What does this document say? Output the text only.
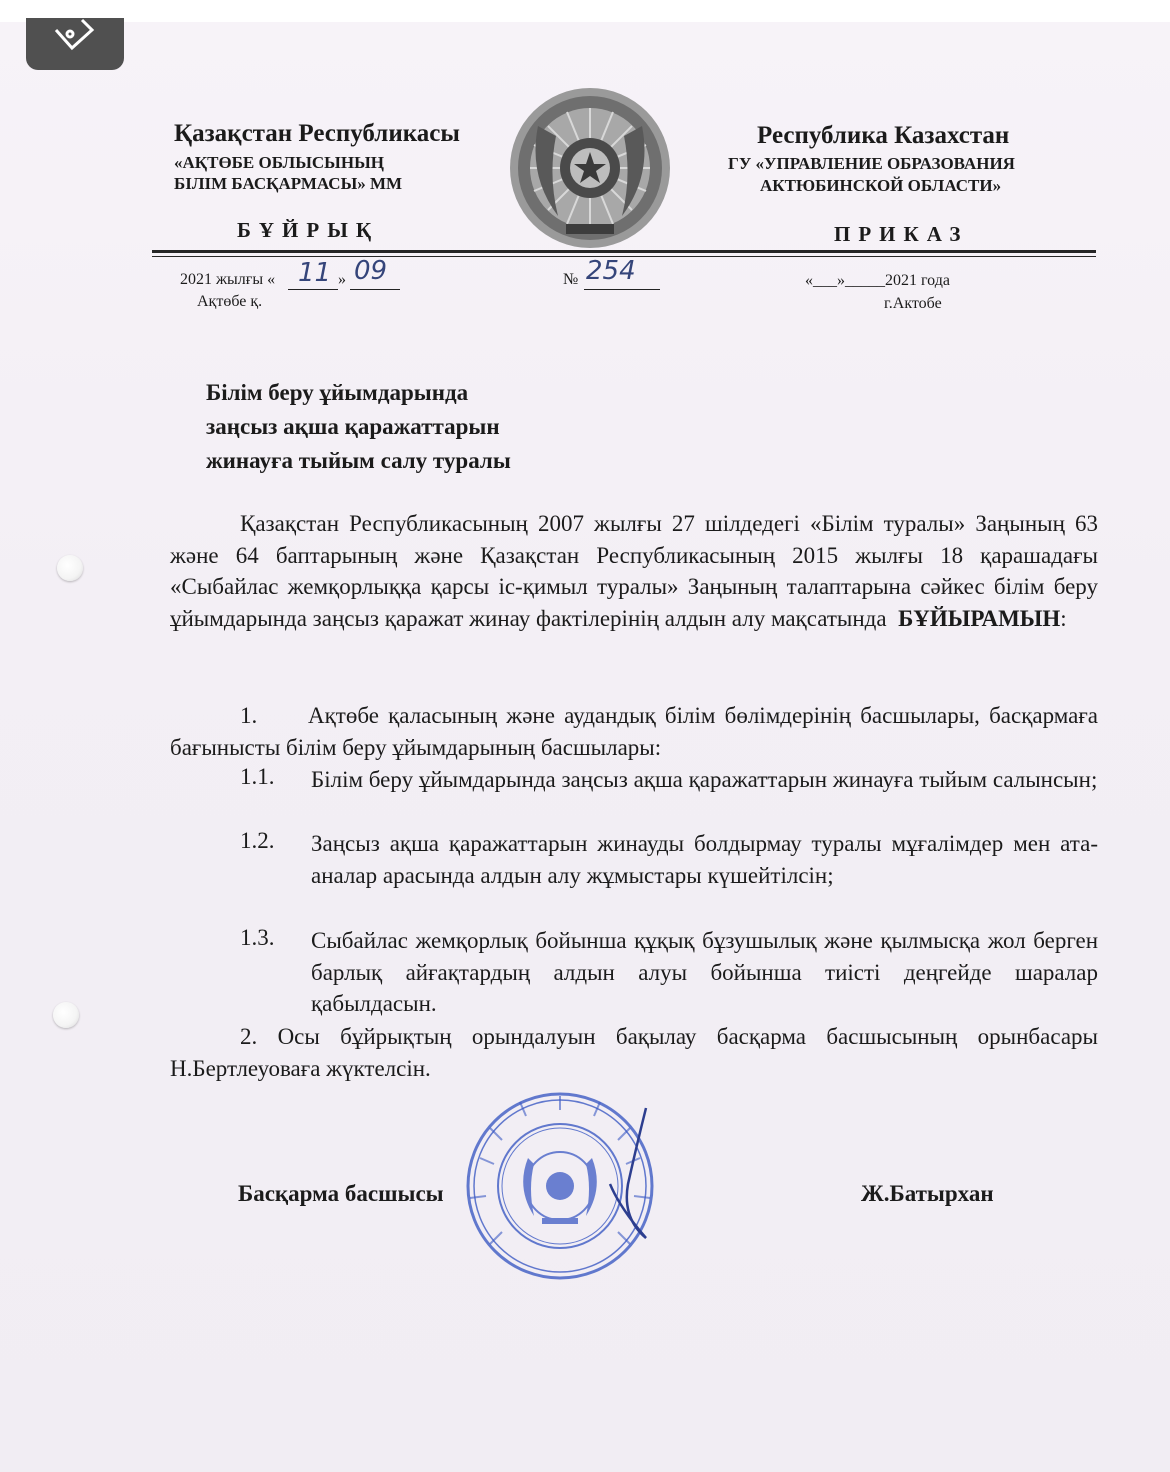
Қазақстан Республикасы
«АҚТӨБЕ ОБЛЫСЫНЫҢ
БІЛІМ БАСҚАРМАСЫ» ММ
Республика Казахстан
ГУ «УПРАВЛЕНИЕ ОБРАЗОВАНИЯ
АКТЮБИНСКОЙ ОБЛАСТИ»
БҰЙРЫҚ	ПРИКАЗ
2021 жылғы « 11 » 09
Ақтөбе қ.
№ 254	«___»_____2021 года
г.Актобе
Білім беру ұйымдарында
заңсыз ақша қаражаттарын
жинауға тыйым салу туралы
Қазақстан Республикасының 2007 жылғы 27 шілдедегі «Білім туралы» Заңының 63 және 64 баптарының және Қазақстан Республикасының 2015 жылғы 18 қарашадағы «Сыбайлас жемқорлыққа қарсы іс-қимыл туралы» Заңының талаптарына сәйкес білім беру ұйымдарында заңсыз қаражат жинау фактілерінің алдын алу мақсатында БҰЙЫРАМЫН:
1. Ақтөбе қаласының және аудандық білім бөлімдерінің басшылары, басқармаға бағынысты білім беру ұйымдарының басшылары:
1.1. Білім беру ұйымдарында заңсыз ақша қаражаттарын жинауға тыйым салынсын;
1.2. Заңсыз ақша қаражаттарын жинауды болдырмау туралы мұғалімдер мен ата-аналар арасында алдын алу жұмыстары күшейтілсін;
1.3. Сыбайлас жемқорлық бойынша құқық бұзушылық және қылмысқа жол берген барлық айғақтардың алдын алуы бойынша тиісті деңгейде шаралар қабылдасын.
2. Осы бұйрықтың орындалуын бақылау басқарма басшысының орынбасары Н.Бертлеуоваға жүктелсін.
Басқарма басшысы	Ж.Батырхан
